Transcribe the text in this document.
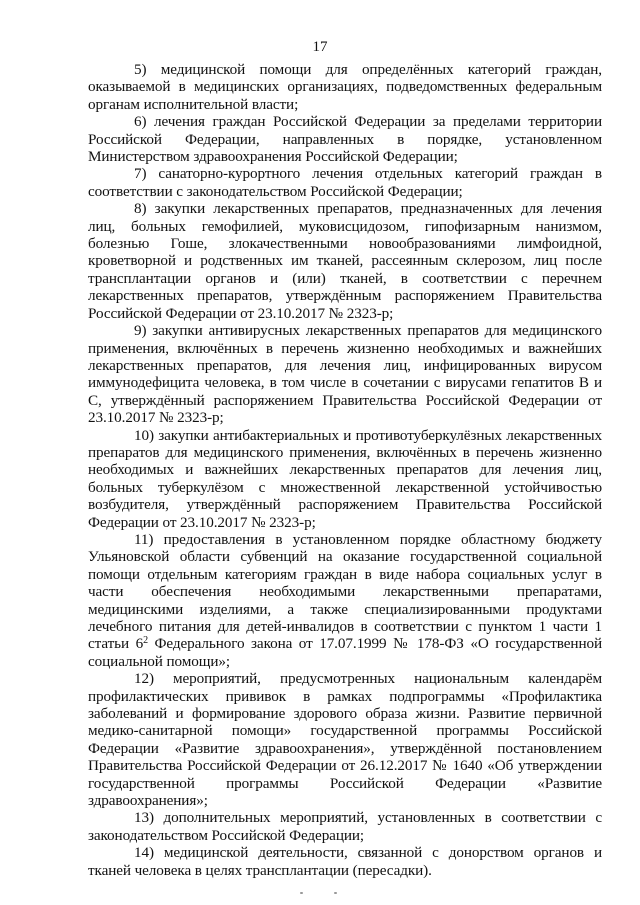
17

5) медицинской помощи для определённых категорий граждан, оказываемой в медицинских организациях, подведомственных федеральным органам исполнительной власти;

6) лечения граждан Российской Федерации за пределами территории Российской Федерации, направленных в порядке, установленном Министерством здравоохранения Российской Федерации;

7) санаторно-курортного лечения отдельных категорий граждан в соответствии с законодательством Российской Федерации;

8) закупки лекарственных препаратов, предназначенных для лечения лиц, больных гемофилией, муковисцидозом, гипофизарным нанизмом, болезнью Гоше, злокачественными новообразованиями лимфоидной, кроветворной и родственных им тканей, рассеянным склерозом, лиц после трансплантации органов и (или) тканей, в соответствии с перечнем лекарственных препаратов, утверждённым распоряжением Правительства Российской Федерации от 23.10.2017 № 2323-р;

9) закупки антивирусных лекарственных препаратов для медицинского применения, включённых в перечень жизненно необходимых и важнейших лекарственных препаратов, для лечения лиц, инфицированных вирусом иммунодефицита человека, в том числе в сочетании с вирусами гепатитов В и С, утверждённый распоряжением Правительства Российской Федерации от 23.10.2017 № 2323-р;

10) закупки антибактериальных и противотуберкулёзных лекарственных препаратов для медицинского применения, включённых в перечень жизненно необходимых и важнейших лекарственных препаратов для лечения лиц, больных туберкулёзом с множественной лекарственной устойчивостью возбудителя, утверждённый распоряжением Правительства Российской Федерации от 23.10.2017 № 2323-р;

11) предоставления в установленном порядке областному бюджету Ульяновской области субвенций на оказание государственной социальной помощи отдельным категориям граждан в виде набора социальных услуг в части обеспечения необходимыми лекарственными препаратами, медицинскими изделиями, а также специализированными продуктами лечебного питания для детей-инвалидов в соответствии с пунктом 1 части 1 статьи $6^2$ Федерального закона от 17.07.1999 № 178-ФЗ «О государственной социальной помощи»;

12) мероприятий, предусмотренных национальным календарём профилактических прививок в рамках подпрограммы «Профилактика заболеваний и формирование здорового образа жизни. Развитие первичной медико-санитарной помощи» государственной программы Российской Федерации «Развитие здравоохранения», утверждённой постановлением Правительства Российской Федерации от 26.12.2017 № 1640 «Об утверждении государственной программы Российской Федерации «Развитие здравоохранения»;

13) дополнительных мероприятий, установленных в соответствии с законодательством Российской Федерации;

14) медицинской деятельности, связанной с донорством органов и тканей человека в целях трансплантации (пересадки).
